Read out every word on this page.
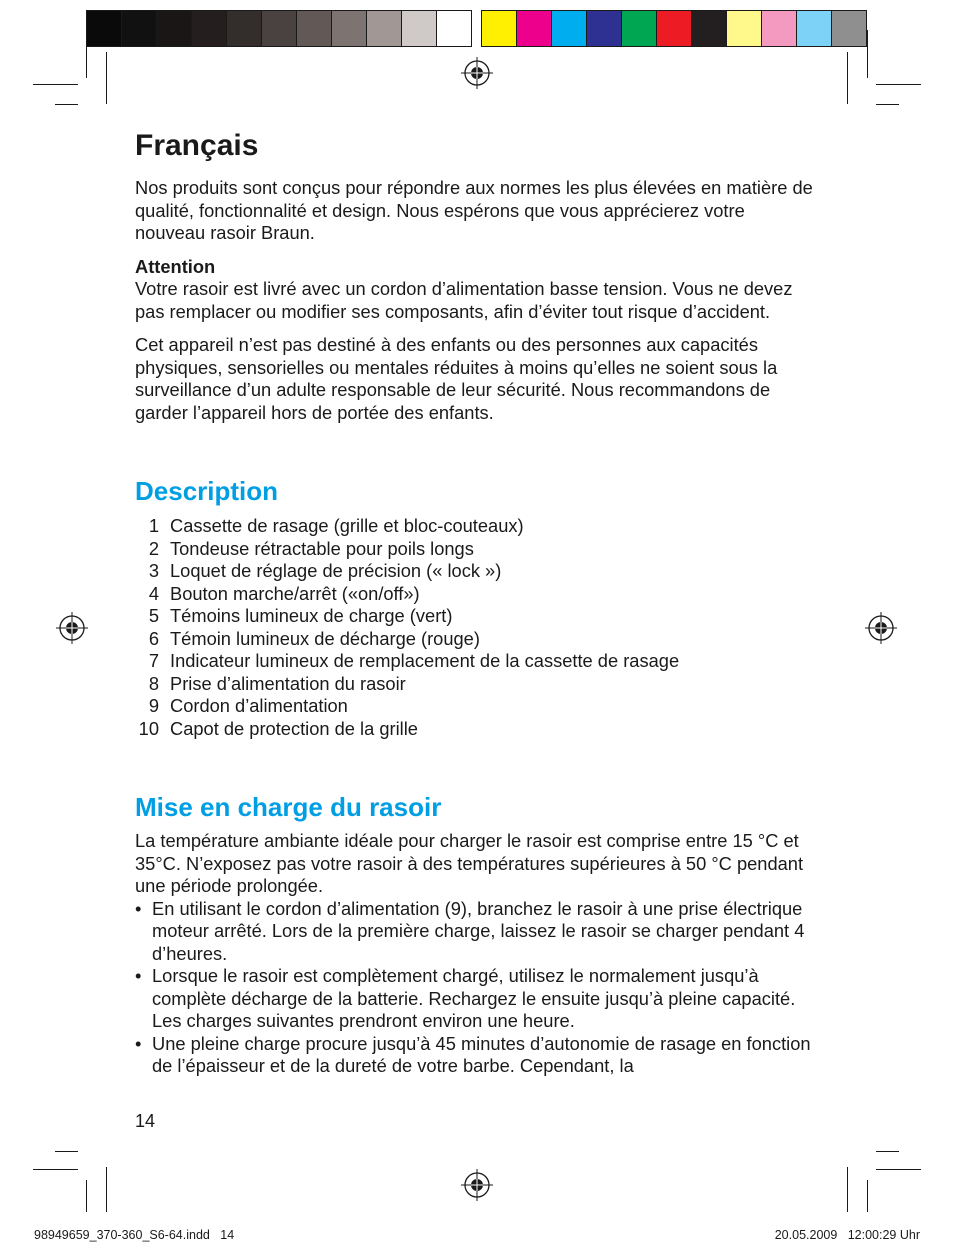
Français

Nos produits sont conçus pour répondre aux normes les plus élevées en matière de qualité, fonctionnalité et design. Nous espérons que vous apprécierez votre nouveau rasoir Braun.

Attention

Votre rasoir est livré avec un cordon d’alimentation basse tension. Vous ne devez pas remplacer ou modifier ses composants, afin d’éviter tout risque d’accident.

Cet appareil n’est pas destiné à des enfants ou des personnes aux capacités physiques, sensorielles ou mentales réduites à moins qu’elles ne soient sous la surveillance d’un adulte responsable de leur sécurité. Nous recommandons de garder l’appareil hors de portée des enfants.

Description
1 Cassette de rasage (grille et bloc-couteaux)
2 Tondeuse rétractable pour poils longs
3 Loquet de réglage de précision (« lock »)
4 Bouton marche/arrêt («on/off»)
5 Témoins lumineux de charge (vert)
6 Témoin lumineux de décharge (rouge)
7 Indicateur lumineux de remplacement de la cassette de rasage
8 Prise d’alimentation du rasoir
9 Cordon d’alimentation
10 Capot de protection de la grille
Mise en charge du rasoir

La température ambiante idéale pour charger le rasoir est comprise entre 15 °C et 35°C. N’exposez pas votre rasoir à des températures supérieures à 50 °C pendant une période prolongée.

• En utilisant le cordon d’alimentation (9), branchez le rasoir à une prise électrique moteur arrêté. Lors de la première charge, laissez le rasoir se charger pendant 4 d’heures.
• Lorsque le rasoir est complètement chargé, utilisez le normalement jusqu’à complète décharge de la batterie. Rechargez le ensuite jusqu’à pleine capacité. Les charges suivantes prendront environ une heure.
• Une pleine charge procure jusqu’à 45 minutes d’autonomie de rasage en fonction de l’épaisseur et de la dureté de votre barbe. Cependant, la
14
98949659_370-360_S6-64.indd   14	20.05.2009   12:00:29 Uhr
